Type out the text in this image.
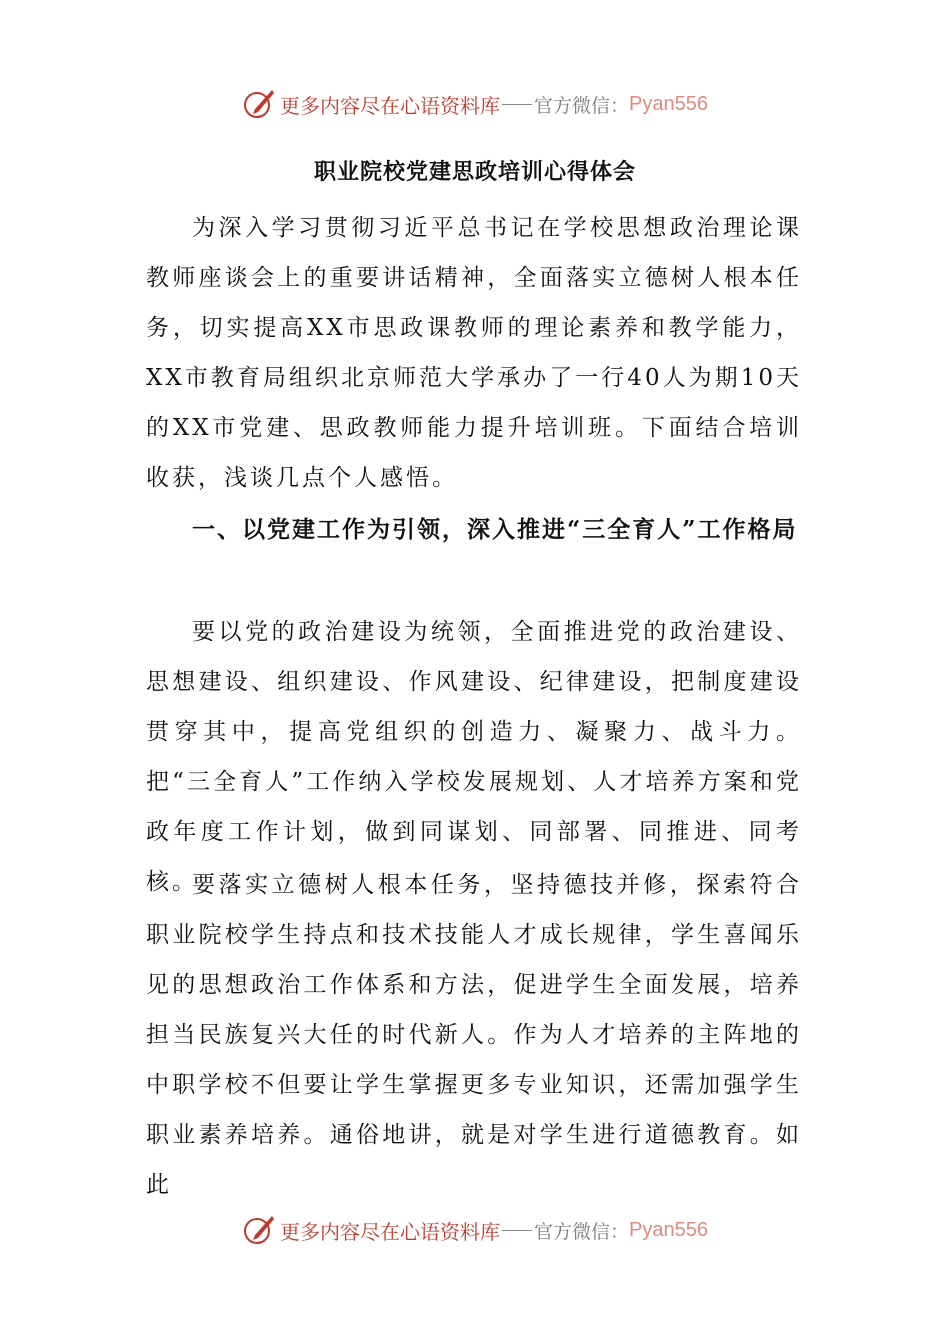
更多内容尽在心语资料库 官方微信： Pyan556
职业院校党建思政培训心得体会

为深入学习贯彻习近平总书记在学校思想政治理论课教师座谈会上的重要讲话精神，全面落实立德树人根本任务，切实提高XX市思政课教师的理论素养和教学能力，XX市教育局组织北京师范大学承办了一行40人为期10天的XX市党建、思政教师能力提升培训班。下面结合培训收获，浅谈几点个人感悟。

一、以党建工作为引领，深入推进“三全育人”工作格局

要以党的政治建设为统领，全面推进党的政治建设、思想建设、组织建设、作风建设、纪律建设，把制度建设贯穿其中，提高党组织的创造力、凝聚力、战斗力。把“三全育人”工作纳入学校发展规划、人才培养方案和党政年度工作计划，做到同谋划、同部署、同推进、同考核。

要落实立德树人根本任务，坚持德技并修，探索符合职业院校学生持点和技术技能人才成长规律，学生喜闻乐见的思想政治工作体系和方法，促进学生全面发展，培养担当民族复兴大任的时代新人。作为人才培养的主阵地的中职学校不但要让学生掌握更多专业知识，还需加强学生职业素养培养。通俗地讲，就是对学生进行道德教育。如此

更多内容尽在心语资料库 官方微信： Pyan556
